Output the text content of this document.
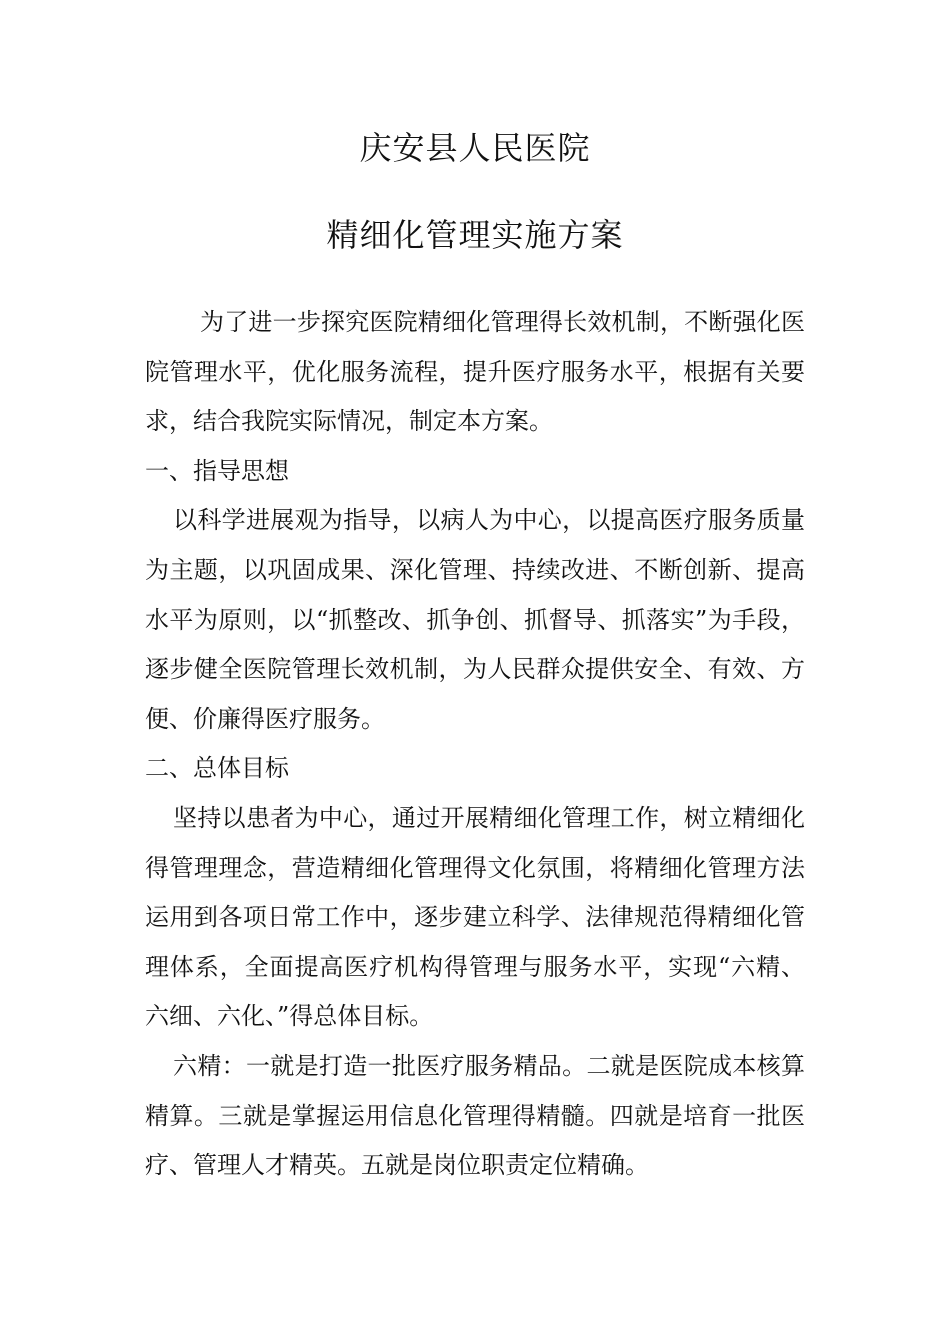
庆安县人民医院
精细化管理实施方案

为了进一步探究医院精细化管理得长效机制，不断强化医院管理水平，优化服务流程，提升医疗服务水平，根据有关要求，结合我院实际情况，制定本方案。

一、指导思想

以科学进展观为指导，以病人为中心，以提高医疗服务质量为主题，以巩固成果、深化管理、持续改进、不断创新、提高水平为原则，以“抓整改、抓争创、抓督导、抓落实”为手段，逐步健全医院管理长效机制，为人民群众提供安全、有效、方便、价廉得医疗服务。

二、总体目标

坚持以患者为中心，通过开展精细化管理工作，树立精细化得管理理念，营造精细化管理得文化氛围，将精细化管理方法运用到各项日常工作中，逐步建立科学、法律规范得精细化管理体系，全面提高医疗机构得管理与服务水平，实现“六精、六细、六化、”得总体目标。

六精：一就是打造一批医疗服务精品。二就是医院成本核算精算。三就是掌握运用信息化管理得精髓。四就是培育一批医疗、管理人才精英。五就是岗位职责定位精确。
